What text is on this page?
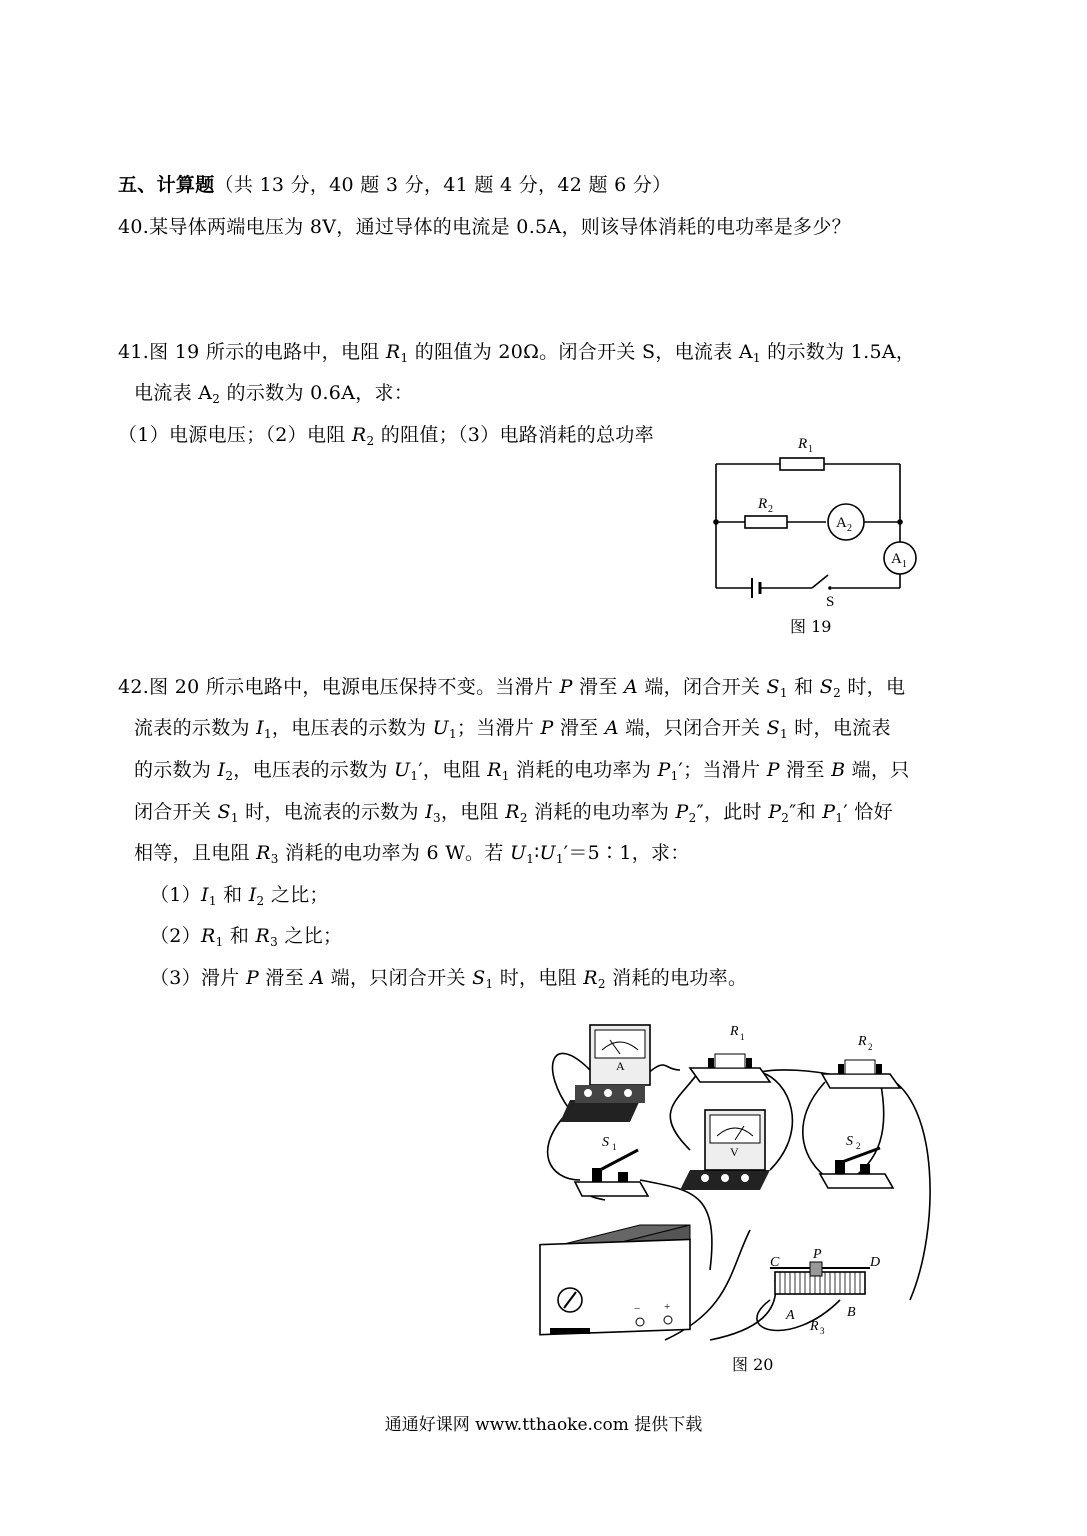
五、计算题（共 13 分，40 题 3 分，41 题 4 分，42 题 6 分）
40.某导体两端电压为 8V，通过导体的电流是 0.5A，则该导体消耗的电功率是多少？
41.图 19 所示的电路中，电阻 $R_1$ 的阻值为 20Ω。闭合开关 S，电流表 $A_1$ 的示数为 1.5A，
电流表 $A_2$ 的示数为 0.6A，求：
（1）电源电压；（2）电阻 $R_2$ 的阻值；（3）电路消耗的总功率	R 1
R 2
A 2
A 1
S
图 19
42.图 20 所示电路中，电源电压保持不变。当滑片 P 滑至 A 端，闭合开关 $S_1$ 和 $S_2$ 时，电
流表的示数为 $I_1$，电压表的示数为 $U_1$；当滑片 P 滑至 A 端，只闭合开关 $S_1$ 时，电流表
的示数为 $I_2$，电压表的示数为 $U_1'$，电阻 $R_1$ 消耗的电功率为 $P_1'$；当滑片 P 滑至 B 端，只
闭合开关 $S_1$ 时，电流表的示数为 $I_3$，电阻 $R_2$ 消耗的电功率为 $P_2''$，此时 $P_2''$和 $P_1'$ 恰好
相等，且电阻 $R_3$ 消耗的电功率为 6 W。若 $U_1∶U_1'=5∶1$，求：
$(1)I_1$ 和 $I_2$ 之比；
$(2)R_1$ 和 $R_3$ 之比；
（3）滑片 P 滑至 A 端，只闭合开关 $S_1$ 时，电阻 $R_2$ 消耗的电功率。
A
R 1	R 2
V
S 1	S 2
− +
C
P
D
A	B
R 3
图 20
通通好课网 www.tthaoke.com 提供下载
